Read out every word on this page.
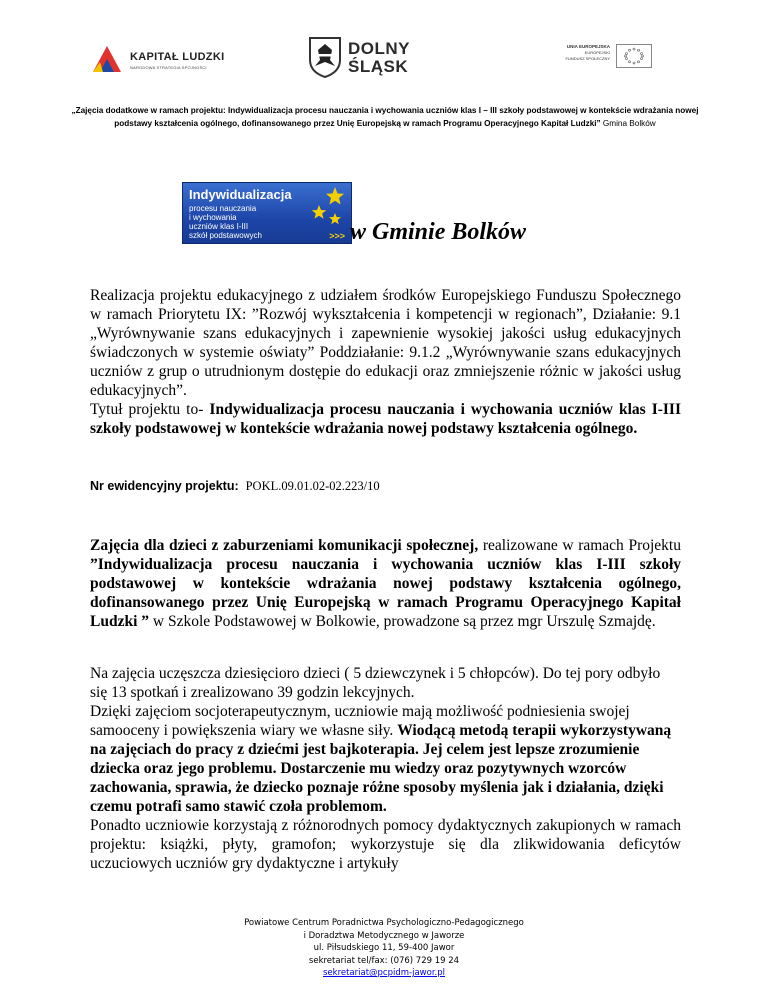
KAPITAŁ LUDZKI
NARODOWA STRATEGIA SPÓJNOŚCI
DOLNY
ŚLĄSK
UNIA EUROPEJSKA
EUROPEJSKI
FUNDUSZ SPOŁECZNY
„Zajęcia dodatkowe w ramach projektu: Indywidualizacja procesu nauczania i wychowania uczniów klas I – III szkoły podstawowej w kontekście wdrażania nowej podstawy kształcenia ogólnego, dofinansowanego przez Unię Europejską w ramach Programu Operacyjnego Kapitał Ludzki” Gmina Bolków
Indywidualizacja
procesu nauczania
i wychowania
uczniów klas I-III
szkół podstawowych	>>> w Gminie Bolków
Realizacja projektu edukacyjnego z udziałem środków Europejskiego Funduszu Społecznego w ramach Priorytetu IX: ”Rozwój wykształcenia i kompetencji w regionach”, Działanie: 9.1 „Wyrównywanie szans edukacyjnych i zapewnienie wysokiej jakości usług edukacyjnych świadczonych w systemie oświaty” Poddziałanie: 9.1.2 „Wyrównywanie szans edukacyjnych uczniów z grup o utrudnionym dostępie do edukacji oraz zmniejszenie różnic w jakości usług edukacyjnych”.
Tytuł projektu to- Indywidualizacja procesu nauczania i wychowania uczniów klas I-III szkoły podstawowej w kontekście wdrażania nowej podstawy kształcenia ogólnego.
Nr ewidencyjny projektu: POKL.09.01.02-02.223/10
Zajęcia dla dzieci z zaburzeniami komunikacji społecznej, realizowane w ramach Projektu ”Indywidualizacja procesu nauczania i wychowania uczniów klas I-III szkoły podstawowej w kontekście wdrażania nowej podstawy kształcenia ogólnego, dofinansowanego przez Unię Europejską w ramach Programu Operacyjnego Kapitał Ludzki ” w Szkole Podstawowej w Bolkowie, prowadzone są przez mgr Urszulę Szmajdę.
Na zajęcia uczęszcza dziesięcioro dzieci ( 5 dziewczynek i 5 chłopców). Do tej pory odbyło się 13 spotkań i zrealizowano 39 godzin lekcyjnych.
Dzięki zajęciom socjoterapeutycznym, uczniowie mają możliwość podniesienia swojej samooceny i powiększenia wiary we własne siły. Wiodącą metodą terapii wykorzystywaną na zajęciach do pracy z dziećmi jest bajkoterapia. Jej celem jest lepsze zrozumienie dziecka oraz jego problemu. Dostarczenie mu wiedzy oraz pozytywnych wzorców zachowania, sprawia, że dziecko poznaje różne sposoby myślenia jak i działania, dzięki czemu potrafi samo stawić czoła problemom.

Ponadto uczniowie korzystają z różnorodnych pomocy dydaktycznych zakupionych w ramach projektu: książki, płyty, gramofon; wykorzystuje się dla zlikwidowania deficytów uczuciowych uczniów gry dydaktyczne i artykuły
Powiatowe Centrum Poradnictwa Psychologiczno-Pedagogicznego
i Doradztwa Metodycznego w Jaworze
ul. Piłsudskiego 11, 59-400 Jawor
sekretariat tel/fax: (076) 729 19 24
sekretariat@pcpidm-jawor.pl
